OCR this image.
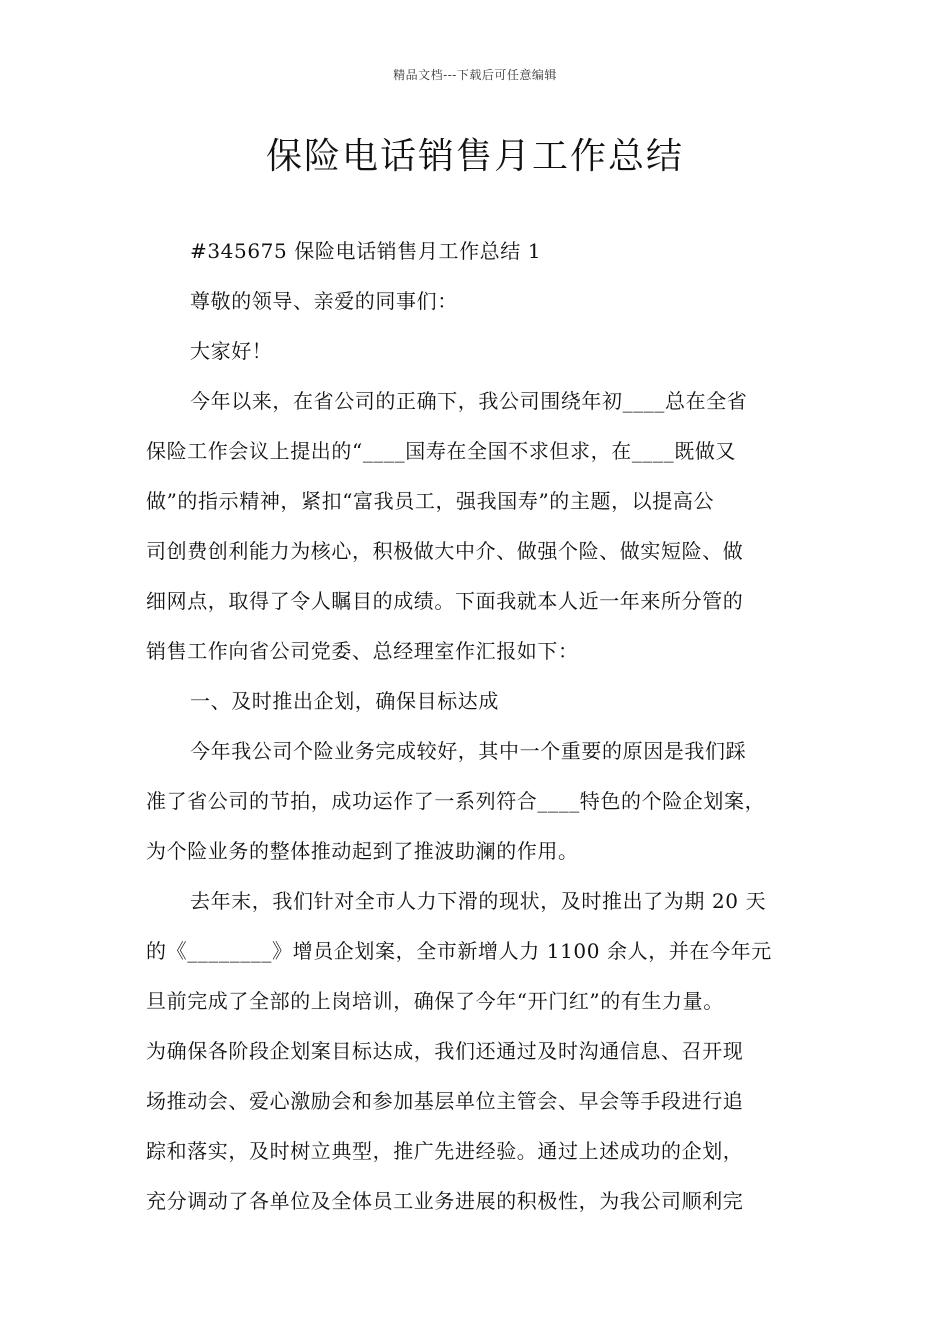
精品文档---下载后可任意编辑
保险电话销售月工作总结

#345675 保险电话销售月工作总结 1

尊敬的领导、亲爱的同事们：

大家好！

今年以来，在省公司的正确下，我公司围绕年初____总在全省

保险工作会议上提出的“____国寿在全国不求但求，在____既做又

做”的指示精神，紧扣“富我员工，强我国寿”的主题，以提高公

司创费创利能力为核心，积极做大中介、做强个险、做实短险、做

细网点，取得了令人瞩目的成绩。下面我就本人近一年来所分管的

销售工作向省公司党委、总经理室作汇报如下：

一、及时推出企划，确保目标达成

今年我公司个险业务完成较好，其中一个重要的原因是我们踩

准了省公司的节拍，成功运作了一系列符合____特色的个险企划案，

为个险业务的整体推动起到了推波助澜的作用。

去年末，我们针对全市人力下滑的现状，及时推出了为期 20 天

的《________》增员企划案，全市新增人力 1100 余人，并在今年元

旦前完成了全部的上岗培训，确保了今年“开门红”的有生力量。

为确保各阶段企划案目标达成，我们还通过及时沟通信息、召开现

场推动会、爱心激励会和参加基层单位主管会、早会等手段进行追

踪和落实，及时树立典型，推广先进经验。通过上述成功的企划，

充分调动了各单位及全体员工业务进展的积极性，为我公司顺利完
